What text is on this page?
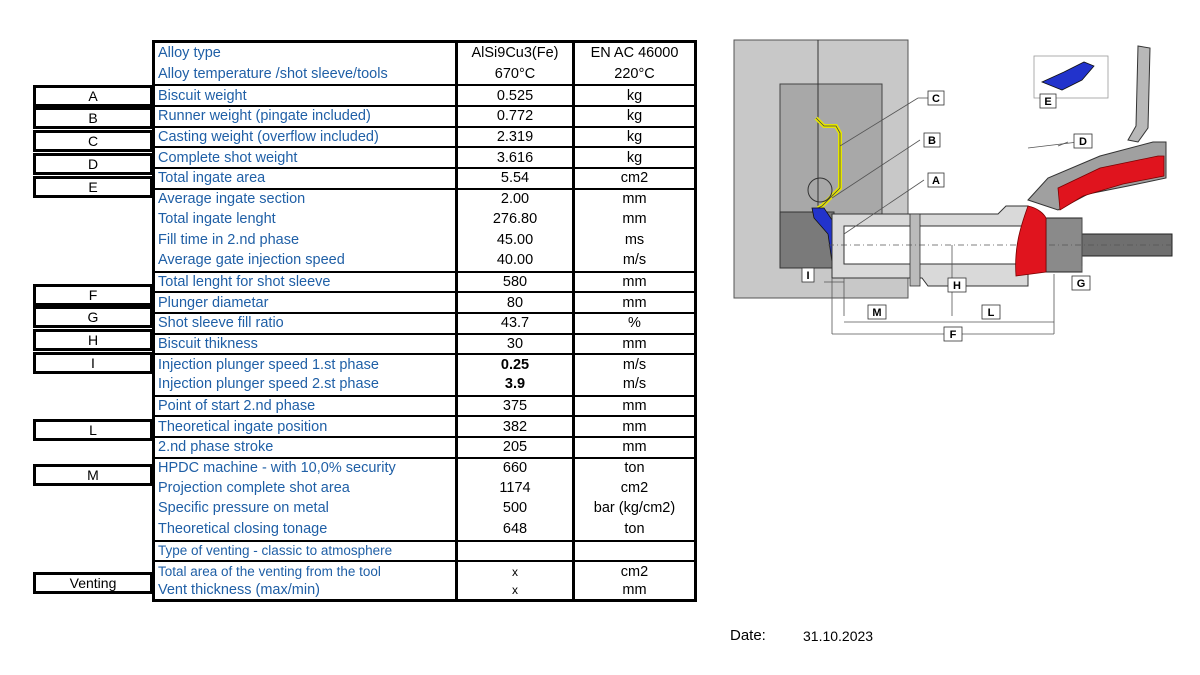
Alloy type	AlSi9Cu3(Fe)	EN AC 46000
Alloy temperature /shot sleeve/tools	670°C	220°C
Biscuit weight	0.525	kg
Runner weight (pingate included)	0.772	kg
Casting weight (overflow included)	2.319	kg
Complete shot weight	3.616	kg
Total ingate area	5.54	cm2
Average ingate section	2.00	mm
Total ingate lenght	276.80	mm
Fill time in 2.nd phase	45.00	ms
Average gate injection speed	40.00	m/s
Total lenght for shot sleeve	580	mm
Plunger diametar	80	mm
Shot sleeve fill ratio	43.7	%
Biscuit thikness	30	mm
Injection plunger speed 1.st phase	0.25	m/s
Injection plunger speed 2.st phase	3.9	m/s
Point of start 2.nd phase	375	mm
Theoretical ingate position	382	mm
2.nd phase stroke	205	mm
HPDC machine - with 10,0% security	660	ton
Projection complete shot area	1174	cm2
Specific pressure on metal	500	bar (kg/cm2)
Theoretical closing tonage	648	ton
Type of venting - classic to atmosphere
Total area of the venting from the tool	x	cm2
Vent thickness (max/min)	x	mm
A
B
C
D
E
F
G
H
I
L
M
Venting
C
B
A
D
E
I
H	G
M	L
F
Date:	31.10.2023
